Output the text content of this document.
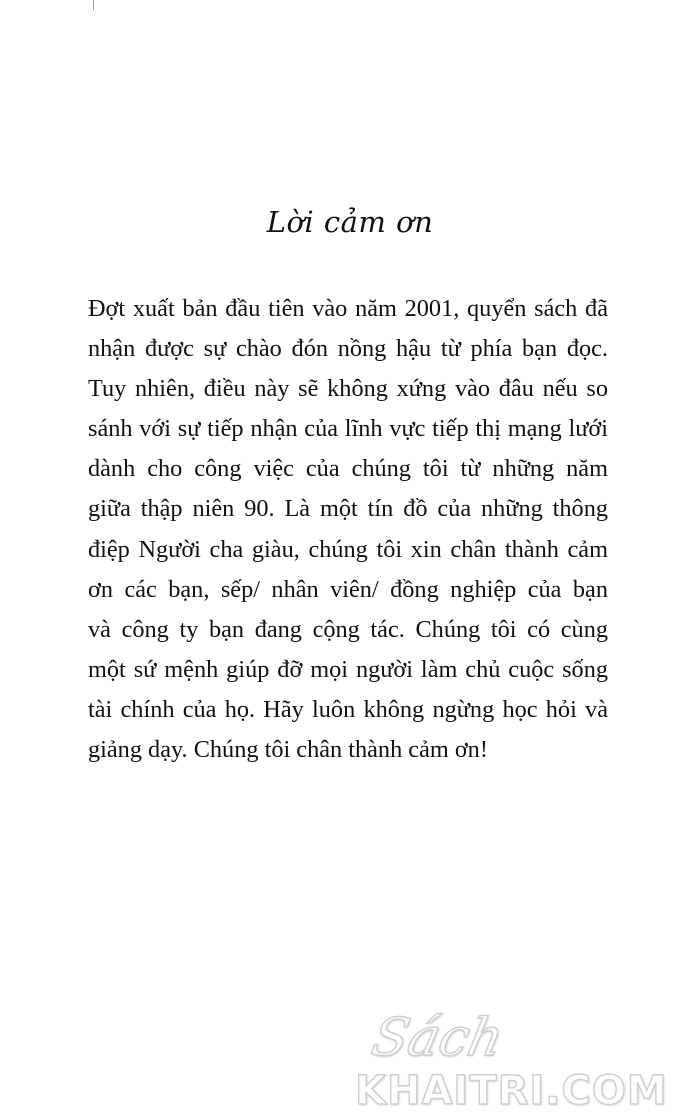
Lời cảm ơn
Đợt xuất bản đầu tiên vào năm 2001, quyển sách đã
nhận được sự chào đón nồng hậu từ phía bạn đọc.
Tuy nhiên, điều này sẽ không xứng vào đâu nếu so
sánh với sự tiếp nhận của lĩnh vực tiếp thị mạng lưới
dành cho công việc của chúng tôi từ những năm
giữa thập niên 90. Là một tín đồ của những thông
điệp Người cha giàu, chúng tôi xin chân thành cảm
ơn các bạn, sếp/ nhân viên/ đồng nghiệp của bạn
và công ty bạn đang cộng tác. Chúng tôi có cùng
một sứ mệnh giúp đỡ mọi người làm chủ cuộc sống
tài chính của họ. Hãy luôn không ngừng học hỏi và
giảng dạy. Chúng tôi chân thành cảm ơn!
Sách
KHAITRI.COM
